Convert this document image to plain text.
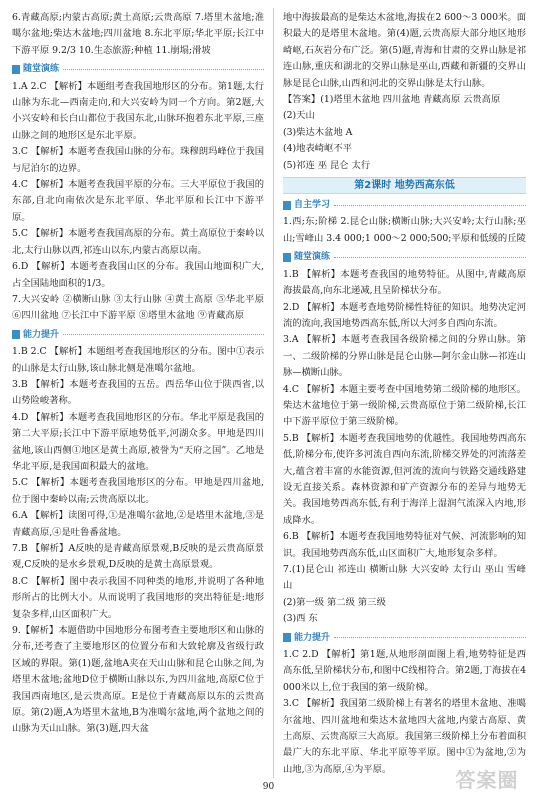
6.青藏高原;内蒙古高原;黄土高原;云贵高原 7.塔里木盆地;准噶尔盆地;柴达木盆地;四川盆地 8.东北平原;华北平原;长江中下游平原 9.2/3 10.生态旅游;种植 11.崩塌;滑坡

随堂演练

1.A 2.C 【解析】本题组考查我国地形区的分布。第1题,太行山脉为东北—西南走向,和大兴安岭为同一个方向。第2题,大小兴安岭和长白山都位于我国东北,山脉环抱着东北平原,三座山脉之间的地形区是东北平原。

3.C 【解析】本题考查我国山脉的分布。珠穆朗玛峰位于我国与尼泊尔的边界。

4.C 【解析】本题考查我国平原的分布。三大平原位于我国的东部,自北向南依次是东北平原、华北平原和长江中下游平原。

5.C 【解析】本题考查我国高原的分布。黄土高原位于秦岭以北,太行山脉以西,祁连山以东,内蒙古高原以南。

6.D 【解析】本题考查我国山区的分布。我国山地面积广大,占全国陆地面积的1/3。

7.大兴安岭 ②横断山脉 ③太行山脉 ④黄土高原 ⑤华北平原 ⑥四川盆地 ⑦长江中下游平原 ⑧塔里木盆地 ⑨青藏高原

能力提升

1.B 2.C 【解析】本题组考查我国地形区的分布。图中①表示的山脉是太行山脉,该山脉北侧是准噶尔盆地。

3.B 【解析】本题考查我国的五岳。西岳华山位于陕西省,以山势险峻著称。

4.D 【解析】本题考查我国地形区的分布。华北平原是我国的第二大平原;长江中下游平原地势低平,河湖众多。甲地是四川盆地,该山西侧①地区是黄土高原,被誉为“天府之国”。乙地是华北平原,是我国面积最大的盆地。

5.C 【解析】本题考查我国地形区的分布。甲地是四川盆地,位于图中秦岭以南;云贵高原以北。

6.A 【解析】读图可得,①是准噶尔盆地,②是塔里木盆地,③是青藏高原,④是吐鲁番盆地。

7.B 【解析】A反映的是青藏高原景观,B反映的是云贵高原景观,C反映的是水乡景观,D反映的是黄土高原景观。

8.C 【解析】图中表示我国不同种类的地形,并说明了各种地形所占的比例大小。从而说明了我国地形的突出特征是:地形复杂多样,山区面积广大。

9.【解析】本题借助中国地形分布图考查主要地形区和山脉的分布,还考查了主要地形区的位置分布和大致轮廓及省级行政区域的界限。第(1)题,盆地A夹在天山山脉和昆仑山脉之间,为塔里木盆地;盆地D位于横断山脉以东,为四川盆地,高原C位于我国西南地区,是云贵高原。E是位于青藏高原以东的云贵高原。第(2)题,A为塔里木盆地,B为准噶尔盆地,两个盆地之间的山脉为天山山脉。第(3)题,四大盆

地中海拔最高的是柴达木盆地,海拔在2 600～3 000米。面积最大的是塔里木盆地。第(4)题,云贵高原大部分地区地形崎岖,石灰岩分布广泛。第(5)题,青海和甘肃的交界山脉是祁连山脉,重庆和湖北的交界山脉是巫山,西藏和新疆的交界山脉是昆仑山脉,山西和河北的交界山脉是太行山脉。

【答案】(1)塔里木盆地 四川盆地 青藏高原 云贵高原

(2)天山

(3)柴达木盆地 A

(4)地表崎岖不平

(5)祁连 巫 昆仑 太行

第2课时 地势西高东低
自主学习

1.西;东;阶梯 2.昆仑山脉;横断山脉;大兴安岭;太行山脉;巫山;雪峰山 3.4 000;1 000～2 000;500;平原和低缓的丘陵

随堂演练

1.B 【解析】本题考查我国的地势特征。从图中,青藏高原海拔最高,向东北递减,且呈阶梯状分布。

2.D 【解析】本题考查地势阶梯性特征的知识。地势决定河流的流向,我国地势西高东低,所以大河多自西向东流。

3.A 【解析】本题考查我国各级阶梯之间的分界山脉。第一、二级阶梯的分界山脉是昆仑山脉—阿尔金山脉—祁连山脉—横断山脉。

4.C 【解析】本题主要考查中国地势第二级阶梯的地形区。柴达木盆地位于第一级阶梯,云贵高原位于第二级阶梯,长江中下游平原位于第三级阶梯。

5.B 【解析】本题考查我国地势的优越性。我国地势西高东低,阶梯分布,使许多河流自西向东流,阶梯交界处的河流落差大,蕴含着丰富的水能资源,但河流的流向与铁路交通线路建设无直接关系。森林资源和矿产资源分布的差异与地势无关。我国地势西高东低,有利于海洋上湿润气流深入内地,形成降水。

6.B 【解析】本题考查我国地势特征对气候、河流影响的知识。我国地势西高东低,山区面积广大,地形复杂多样。

7.(1)昆仑山 祁连山 横断山脉 大兴安岭 太行山 巫山 雪峰山

(2)第一级 第二级 第三级

(3)西 东

能力提升

1.C 2.D 【解析】第1题,从地形剖面图上看,地势特征是西高东低,呈阶梯状分布,和图中C线相符合。第2题,丁海拔在4 000米以上,位于我国的第一级阶梯。

3.C 【解析】我国第二级阶梯上有著名的塔里木盆地、准噶尔盆地、四川盆地和柴达木盆地四大盆地,内蒙古高原、黄土高原、云贵高原三大高原。我国第三级阶梯上分布着面积最广大的东北平原、华北平原等平原。图中①为盆地,②为山地,③为高原,④为平原。

90	答案圈
